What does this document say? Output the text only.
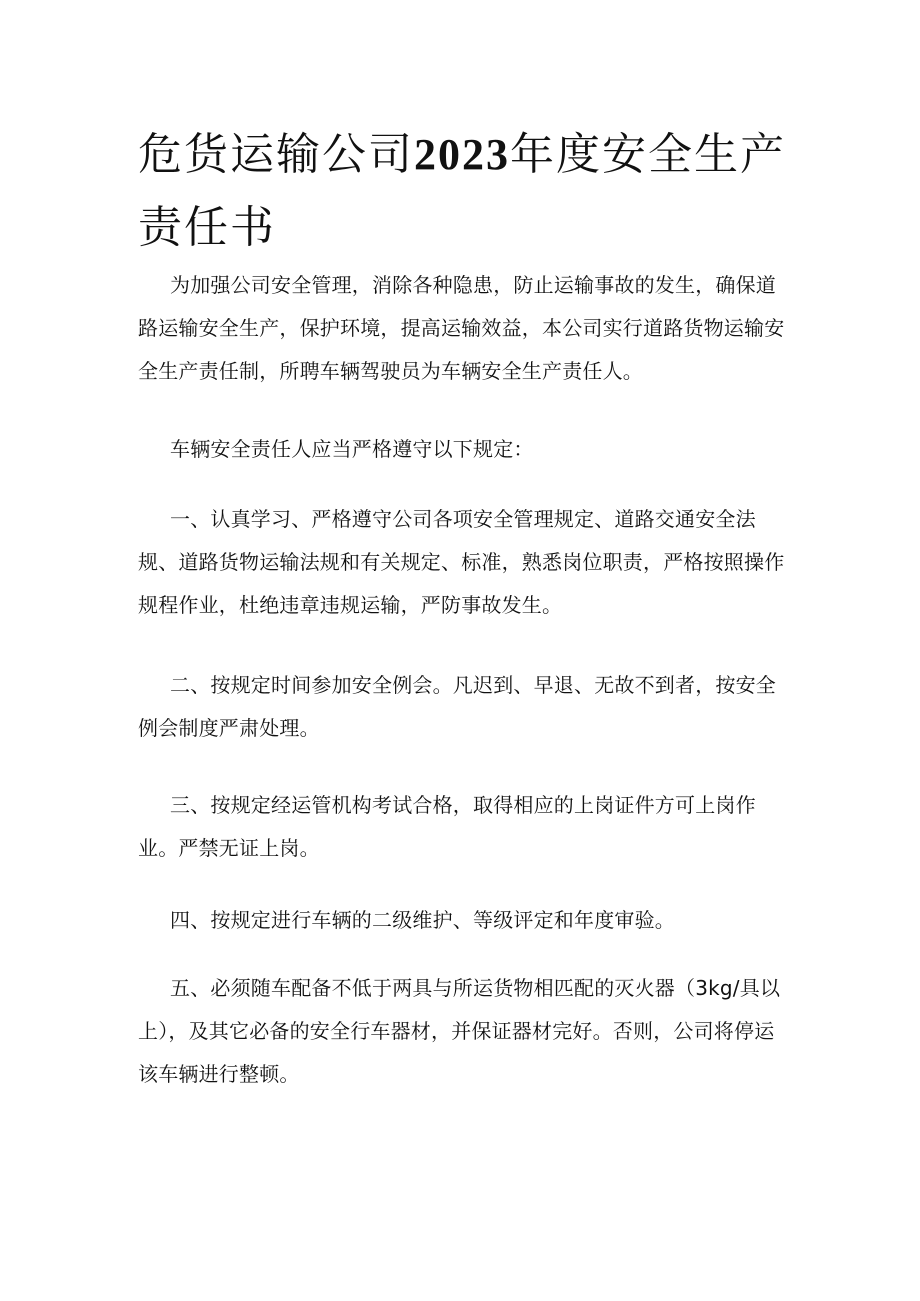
危货运输公司2023年度安全生产责任书

为加强公司安全管理，消除各种隐患，防止运输事故的发生，确保道路运输安全生产，保护环境，提高运输效益，本公司实行道路货物运输安全生产责任制，所聘车辆驾驶员为车辆安全生产责任人。

车辆安全责任人应当严格遵守以下规定：

一、认真学习、严格遵守公司各项安全管理规定、道路交通安全法规、道路货物运输法规和有关规定、标准，熟悉岗位职责，严格按照操作规程作业，杜绝违章违规运输，严防事故发生。

二、按规定时间参加安全例会。凡迟到、早退、无故不到者，按安全例会制度严肃处理。

三、按规定经运管机构考试合格，取得相应的上岗证件方可上岗作业。严禁无证上岗。

四、按规定进行车辆的二级维护、等级评定和年度审验。

五、必须随车配备不低于两具与所运货物相匹配的灭火器（3kg/具以上），及其它必备的安全行车器材，并保证器材完好。否则，公司将停运该车辆进行整顿。
